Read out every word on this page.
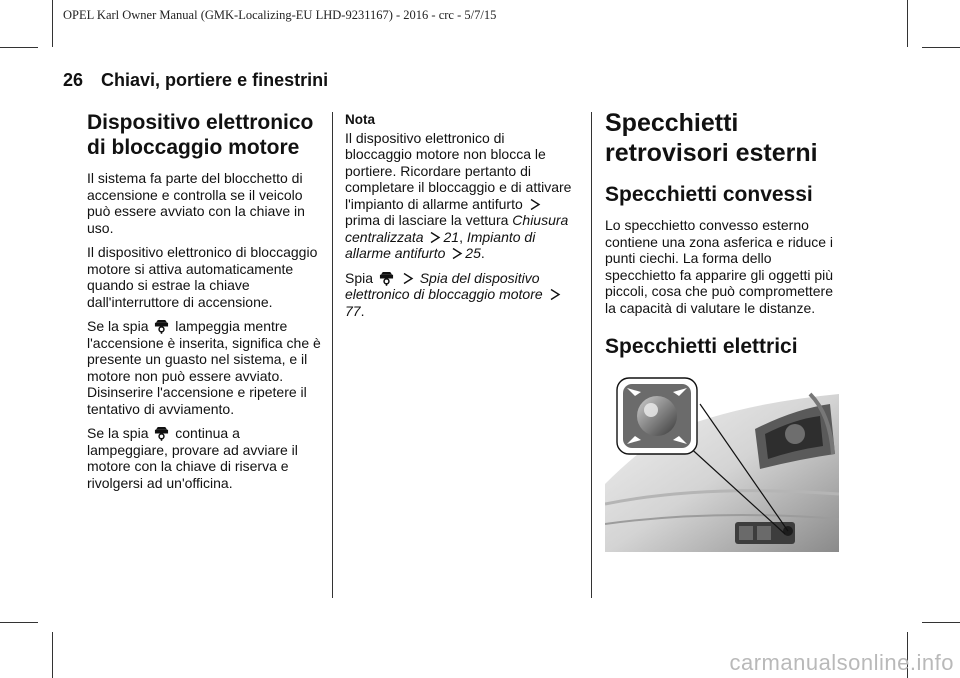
OPEL Karl Owner Manual (GMK-Localizing-EU LHD-9231167) - 2016 - crc - 5/7/15
26 Chiavi, portiere e finestrini
Dispositivo elettronico di bloccaggio motore

Il sistema fa parte del blocchetto di accensione e controlla se il veicolo può essere avviato con la chiave in uso.

Il dispositivo elettronico di bloccaggio motore si attiva automaticamente quando si estrae la chiave dall'interruttore di accensione.

Se la spia lampeggia mentre l'accensione è inserita, significa che è presente un guasto nel sistema, e il motore non può essere avviato. Disinserire l'accensione e ripetere il tentativo di avviamento.

Se la spia continua a lampeggiare, provare ad avviare il motore con la chiave di riserva e rivolgersi ad un'officina.

Nota

Il dispositivo elettronico di bloccaggio motore non blocca le portiere. Ricordare pertanto di completare il bloccaggio e di attivare l'impianto di allarme antifurto  prima di lasciare la vettura Chiusura centralizzata 21, Impianto di allarme antifurto 25.

Spia	Spia del dispositivo elettronico di bloccaggio motore 77.

Specchietti retrovisori esterni
Specchietti convessi

Lo specchietto convesso esterno contiene una zona asferica e riduce i punti ciechi. La forma dello specchietto fa apparire gli oggetti più piccoli, cosa che può compromettere la capacità di valutare le distanze.

Specchietti elettrici
carmanualsonline.info
